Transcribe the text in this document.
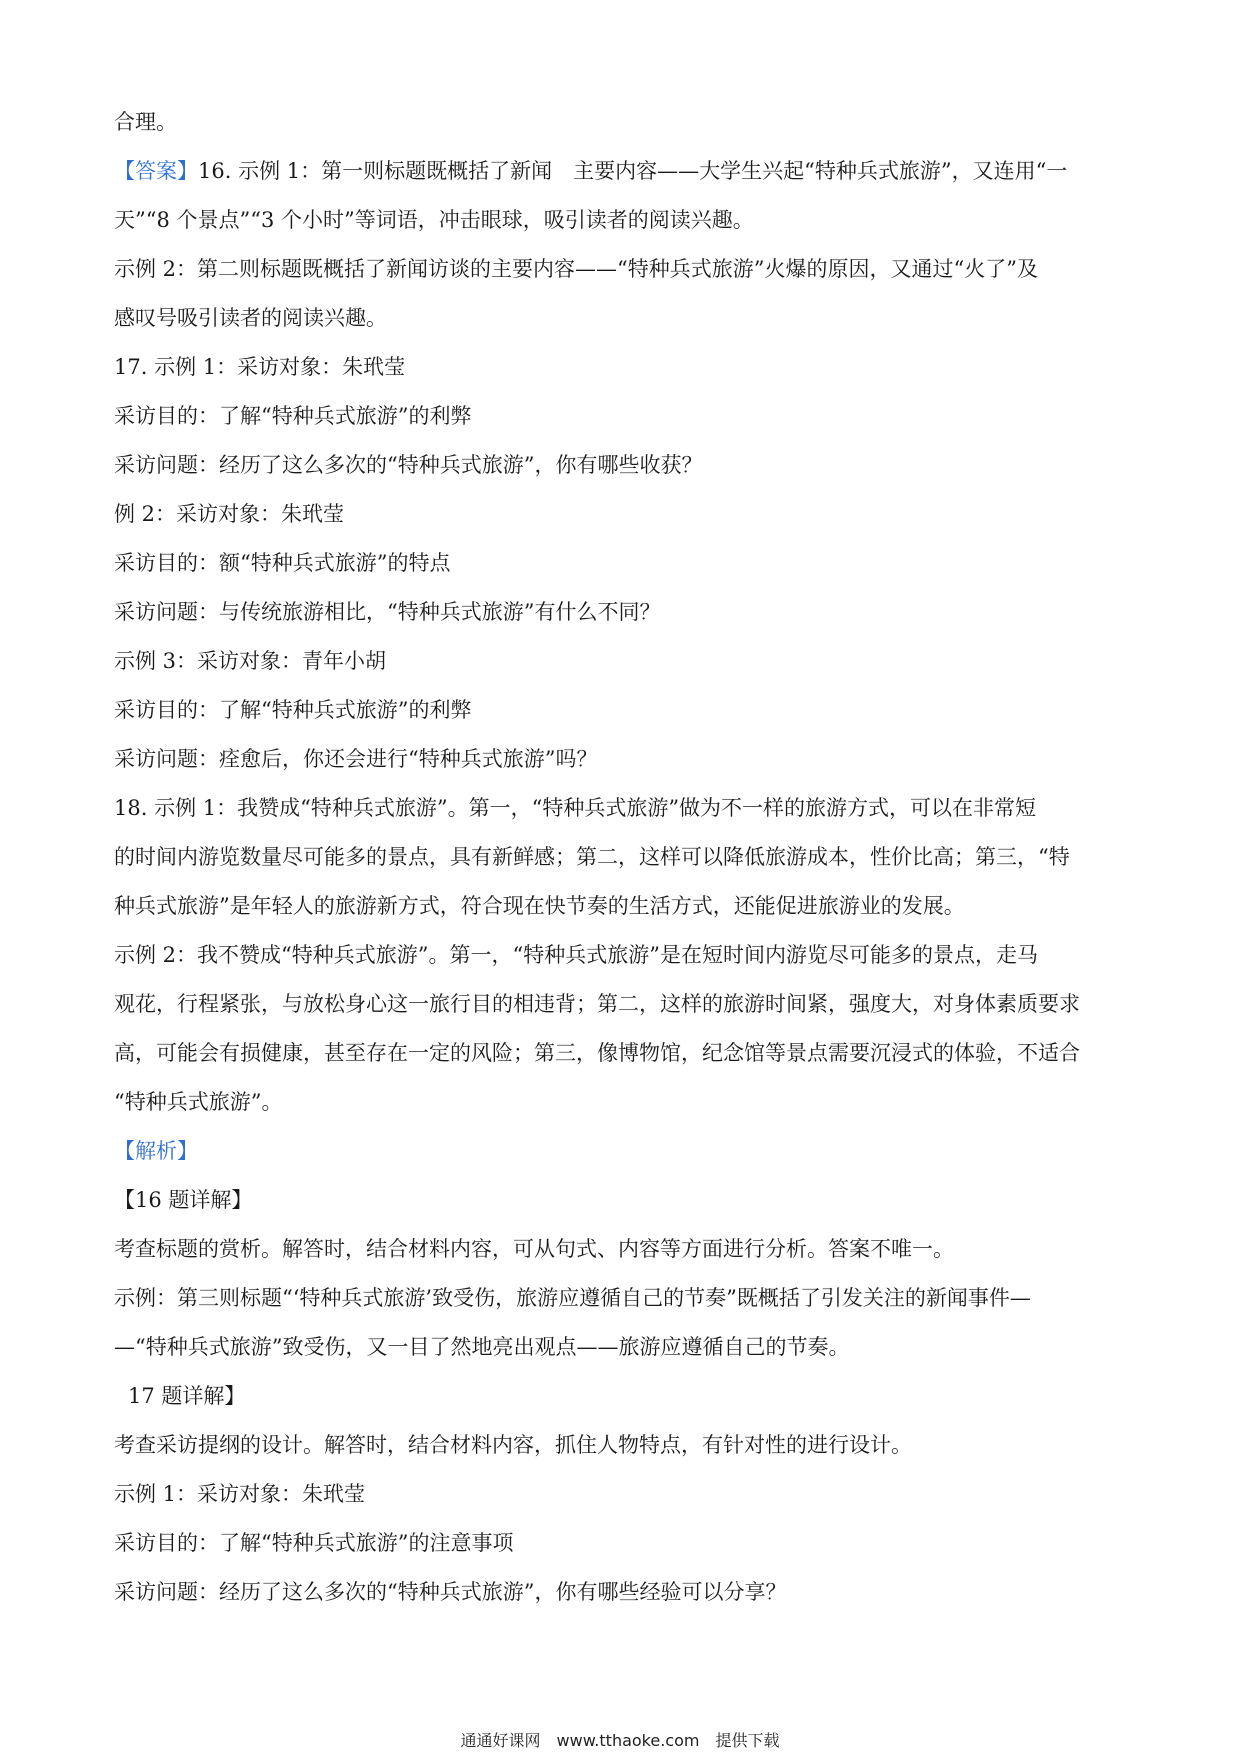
合理。
【答案】16. 示例 1：第一则标题既概括了新闻　主要内容——大学生兴起“特种兵式旅游”，又连用“一
天”“8 个景点”“3 个小时”等词语，冲击眼球，吸引读者的阅读兴趣。
示例 2：第二则标题既概括了新闻访谈的主要内容——“特种兵式旅游”火爆的原因，又通过“火了”及
感叹号吸引读者的阅读兴趣。
17. 示例 1：采访对象：朱玳莹
采访目的：了解“特种兵式旅游”的利弊
采访问题：经历了这么多次的“特种兵式旅游”，你有哪些收获？
例 2：采访对象：朱玳莹
采访目的：额“特种兵式旅游”的特点
采访问题：与传统旅游相比，“特种兵式旅游”有什么不同？
示例 3：采访对象：青年小胡
采访目的：了解“特种兵式旅游”的利弊
采访问题：痊愈后，你还会进行“特种兵式旅游”吗？
18. 示例 1：我赞成“特种兵式旅游”。第一，“特种兵式旅游”做为不一样的旅游方式，可以在非常短
的时间内游览数量尽可能多的景点，具有新鲜感；第二，这样可以降低旅游成本，性价比高；第三，“特
种兵式旅游”是年轻人的旅游新方式，符合现在快节奏的生活方式，还能促进旅游业的发展。
示例 2：我不赞成“特种兵式旅游”。第一，“特种兵式旅游”是在短时间内游览尽可能多的景点，走马
观花，行程紧张，与放松身心这一旅行目的相违背；第二，这样的旅游时间紧，强度大，对身体素质要求
高，可能会有损健康，甚至存在一定的风险；第三，像博物馆，纪念馆等景点需要沉浸式的体验，不适合
“特种兵式旅游”。
【解析】
【16 题详解】
考查标题的赏析。解答时，结合材料内容，可从句式、内容等方面进行分析。答案不唯一。
示例：第三则标题“‘特种兵式旅游’致受伤，旅游应遵循自己的节奏”既概括了引发关注的新闻事件—
—“特种兵式旅游”致受伤，又一目了然地亮出观点——旅游应遵循自己的节奏。
17 题详解】
考查采访提纲的设计。解答时，结合材料内容，抓住人物特点，有针对性的进行设计。
示例 1：采访对象：朱玳莹
采访目的：了解“特种兵式旅游”的注意事项
采访问题：经历了这么多次的“特种兵式旅游”，你有哪些经验可以分享？
通通好课网　www.tthaoke.com　提供下载
